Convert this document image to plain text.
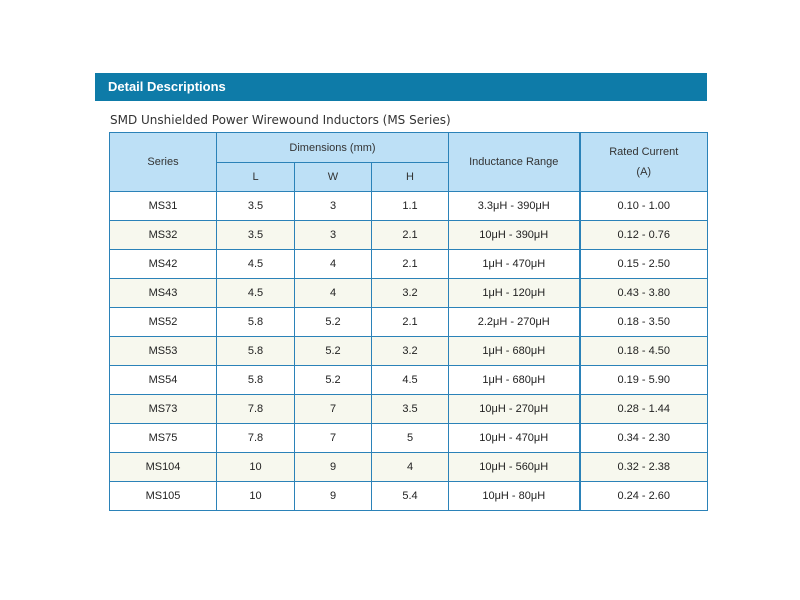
Detail Descriptions
SMD Unshielded Power Wirewound Inductors (MS Series)
Series	Dimensions (mm)			Inductance Range	Rated Current
(A)

	L	W	H		
MS31	3.5	3	1.1	3.3μH - 390μH	0.10 - 1.00
MS32	3.5	3	2.1	10μH - 390μH	0.12 - 0.76
MS42	4.5	4	2.1	1μH - 470μH	0.15 - 2.50
MS43	4.5	4	3.2	1μH - 120μH	0.43 - 3.80
MS52	5.8	5.2	2.1	2.2μH - 270μH	0.18 - 3.50
MS53	5.8	5.2	3.2	1μH - 680μH	0.18 - 4.50
MS54	5.8	5.2	4.5	1μH - 680μH	0.19 - 5.90
MS73	7.8	7	3.5	10μH - 270μH	0.28 - 1.44
MS75	7.8	7	5	10μH - 470μH	0.34 - 2.30
MS104	10	9	4	10μH - 560μH	0.32 - 2.38
MS105	10	9	5.4	10μH - 80μH	0.24 - 2.60
